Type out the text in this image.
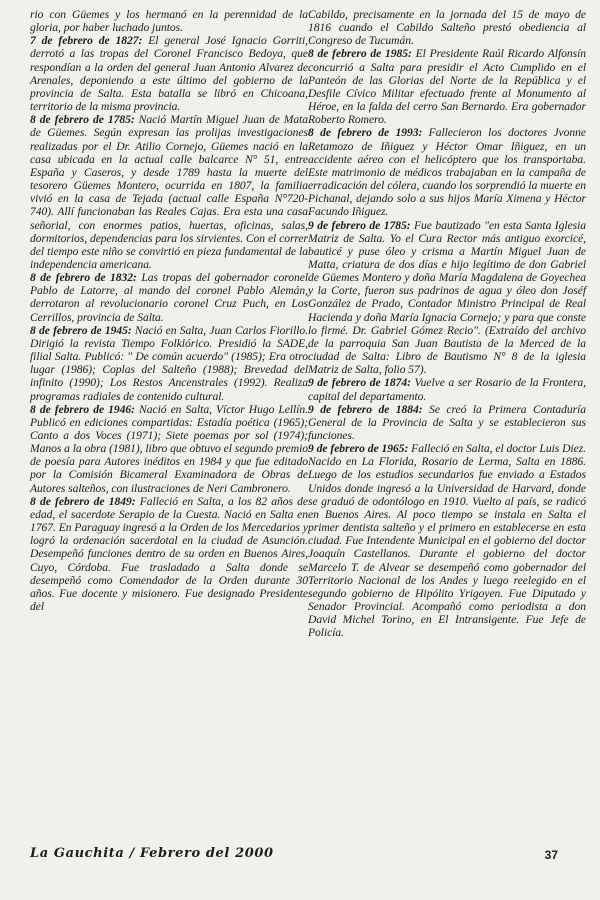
rio con Güemes y los hermanó en la perennidad de la gloria, por haber luchado juntos.

7 de febrero de 1827: El general José Ignacio Gorriti, derrotó a las tropas del Coronel Francisco Bedoya, que respondían a la orden del general Juan Antonio Alvarez de Arenales, deponiendo a este último del gobierno de la provincia de Salta. Esta batalla se libró en Chicoana, territorio de la misma provincia.

8 de febrero de 1785: Nació Martín Miguel Juan de Mata de Güemes. Según expresan las prolijas investigaciones realizadas por el Dr. Atilio Cornejo, Güemes nació en la casa ubicada en la actual calle balcarce N° 51, entre España y Caseros, y desde 1789 hasta la muerte del tesorero Güemes Montero, ocurrida en 1807, la familia vivió en la casa de Tejada (actual calle España N°720- 740). Allí funcionaban las Reales Cajas. Era esta una casa señorial, con enormes patios, huertas, oficinas, salas, dormitorios, dependencias para los sirvientes. Con el correr del tiempo este niño se convirtió en pieza fundamental de la independencia americana.

8 de febrero de 1832: Las tropas del gobernador coronel Pablo de Latorre, al mando del coronel Pablo Alemán, derrotaron al revolucionario coronel Cruz Puch, en Los Cerrillos, provincia de Salta.

8 de febrero de 1945: Nació en Salta, Juan Carlos Fiorillo. Dirigió la revista Tiempo Folklórico. Presidió la SADE, filial Salta. Publicó: " De común acuerdo" (1985); Era otro lugar (1986); Coplas del Salteño (1988); Brevedad del infinito (1990); Los Restos Ancenstrales (1992). Realiza programas radiales de contenido cultural.

8 de febrero de 1946: Nació en Salta, Víctor Hugo Lellín. Publicó en ediciones compartidas: Estadía poética (1965); Canto a dos Voces (1971); Siete poemas por sol (1974); Manos a la obra (1981), libro que obtuvo el segundo premio de poesía para Autores inéditos en 1984 y que fue editado por la Comisión Bicameral Examinadora de Obras de Autores salteños, con ilustraciones de Neri Cambronero.

8 de febrero de 1849: Falleció en Salta, a los 82 años de edad, el sacerdote Serapio de la Cuesta. Nació en Salta en 1767. En Paraguay ingresó a la Orden de los Mercedarios y logró la ordenación sacerdotal en la ciudad de Asunción. Desempeñó funciones dentro de su orden en Buenos Aires, Cuyo, Córdoba. Fue trasladado a Salta donde se desempeñó como Comendador de la Orden durante 30 años. Fue docente y misionero. Fue designado Presidente del

Cabildo, precisamente en la jornada del 15 de mayo de 1816 cuando el Cabildo Salteño prestó obediencia al Congreso de Tucumán.

8 de febrero de 1985: El Presidente Raúl Ricardo Alfonsín concurrió a Salta para presidir el Acto Cumplido en el Panteón de las Glorias del Norte de la República y el Desfile Cívico Militar efectuado frente al Monumento al Héroe, en la falda del cerro San Bernardo. Era gobernador Roberto Romero.

8 de febrero de 1993: Fallecieron los doctores Jvonne Retamozo de Iñiguez y Héctor Omar Iñiguez, en un accidente aéreo con el helicóptero que los transportaba. Este matrimonio de médicos trabajaban en la campaña de erradicación del cólera, cuando los sorprendió la muerte en Pichanal, dejando solo a sus hijos María Ximena y Héctor Facundo Iñiguez.

9 de febrero de 1785: Fue bautizado "en esta Santa Iglesia Matriz de Salta. Yo el Cura Rector más antiguo exorcicé, bauticé y puse óleo y crisma a Martín Miguel Juan de Matta, criatura de dos días e hijo legítimo de don Gabriel de Güemes Montero y doña María Magdalena de Goyechea y la Corte, fueron sus padrinos de agua y óleo don Joséf González de Prado, Contador Ministro Principal de Real Hacienda y doña María Ignacia Cornejo; y para que conste lo firmé. Dr. Gabriel Gómez Recio". (Extraído del archivo de la parroquia San Juan Bautista de la Merced de la ciudad de Salta: Libro de Bautismo N° 8 de la iglesia Matriz de Salta, folio 57).

9 de febrero de 1874: Vuelve a ser Rosario de la Frontera, capital del departamento.

9 de febrero de 1884: Se creó la Primera Contaduría General de la Provincia de Salta y se establecieron sus funciones.

9 de febrero de 1965: Falleció en Salta, el doctor Luis Diez. Nacido en La Florida, Rosario de Lerma, Salta en 1886. Luego de los estudios secundarios fue enviado a Estados Unidos donde ingresó a la Universidad de Harvard, donde se graduó de odontólogo en 1910. Vuelto al país, se radicó en Buenos Aires. Al poco tiempo se instala en Salta el primer dentista salteño y el primero en establecerse en esta ciudad. Fue Intendente Municipal en el gobierno del doctor Joaquín Castellanos. Durante el gobierno del doctor Marcelo T. de Alvear se desempeñó como gobernador del Territorio Nacional de los Andes y luego reelegido en el segundo gobierno de Hipólito Yrigoyen. Fue Diputado y Senador Provincial. Acompañó como periodista a don David Michel Torino, en El Intransigente. Fue Jefe de Policía.

La Gauchita / Febrero del 2000	37
